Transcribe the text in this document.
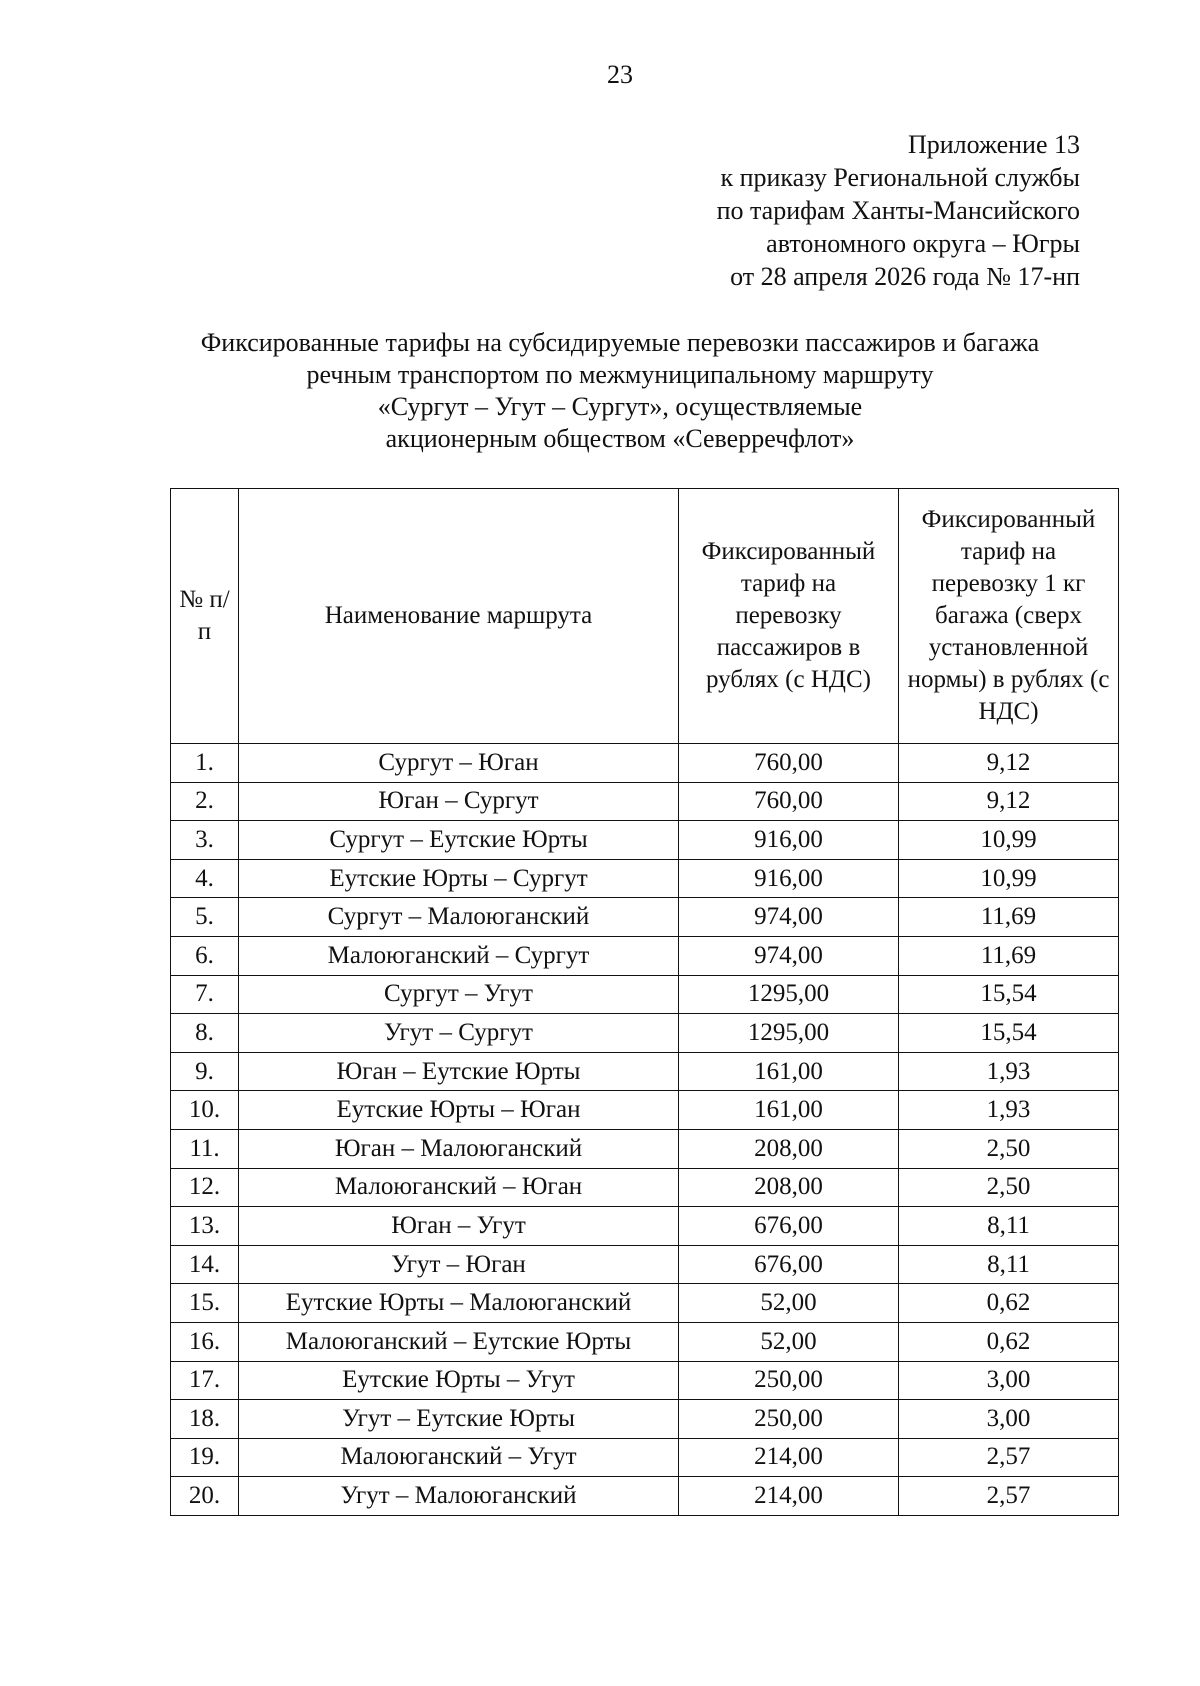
23
Приложение 13
к приказу Региональной службы
по тарифам Ханты-Мансийского
автономного округа – Югры
от 28 апреля 2026 года № 17-нп
Фиксированные тарифы на субсидируемые перевозки пассажиров и багажа
речным транспортом по межмуниципальному маршруту
«Сургут – Угут – Сургут», осуществляемые
акционерным обществом «Северречфлот»
№ п/п	Наименование маршрута	Фиксированный тариф на перевозку пассажиров в рублях (с НДС)	Фиксированный тариф на перевозку 1 кг багажа (сверх установленной нормы) в рублях (с НДС)

1.	Сургут – Юган	760,00	9,12
2.	Юган – Сургут	760,00	9,12
3.	Сургут – Еутские Юрты	916,00	10,99
4.	Еутские Юрты – Сургут	916,00	10,99
5.	Сургут – Малоюганский	974,00	11,69
6.	Малоюганский – Сургут	974,00	11,69
7.	Сургут – Угут	1295,00	15,54
8.	Угут – Сургут	1295,00	15,54
9.	Юган – Еутские Юрты	161,00	1,93
10.	Еутские Юрты – Юган	161,00	1,93
11.	Юган – Малоюганский	208,00	2,50
12.	Малоюганский – Юган	208,00	2,50
13.	Юган – Угут	676,00	8,11
14.	Угут – Юган	676,00	8,11
15.	Еутские Юрты – Малоюганский	52,00	0,62
16.	Малоюганский – Еутские Юрты	52,00	0,62
17.	Еутские Юрты – Угут	250,00	3,00
18.	Угут – Еутские Юрты	250,00	3,00
19.	Малоюганский – Угут	214,00	2,57
20.	Угут – Малоюганский	214,00	2,57
